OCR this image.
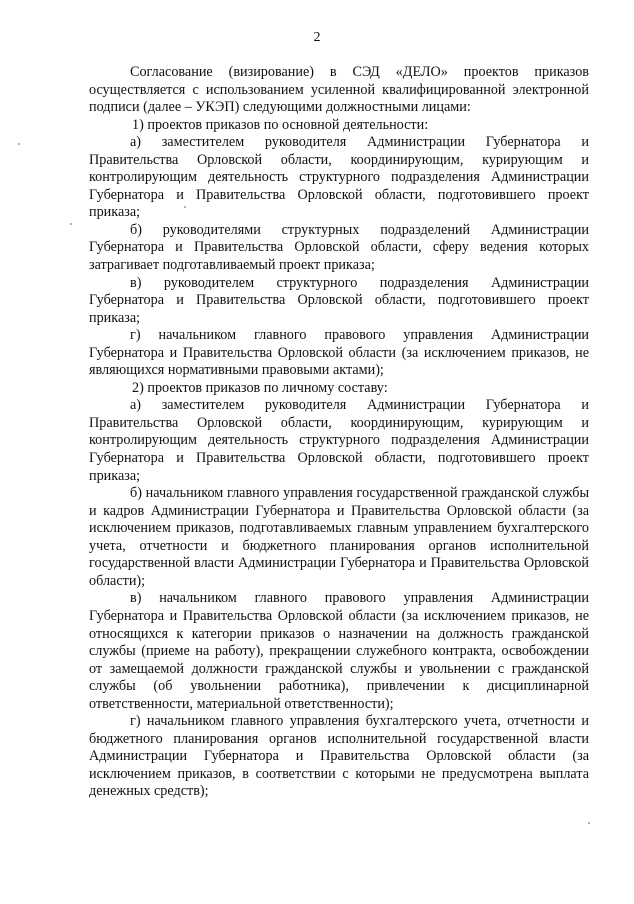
2

Согласование (визирование) в СЭД «ДЕЛО» проектов приказов осуществляется с использованием усиленной квалифицированной электронной подписи (далее – УКЭП) следующими должностными лицами:

1) проектов приказов по основной деятельности:

а) заместителем руководителя Администрации Губернатора и Правительства Орловской области, координирующим, курирующим и контролирующим деятельность структурного подразделения Администрации Губернатора и Правительства Орловской области, подготовившего проект приказа;

б) руководителями структурных подразделений Администрации Губернатора и Правительства Орловской области, сферу ведения которых затрагивает подготавливаемый проект приказа;

в) руководителем структурного подразделения Администрации Губернатора и Правительства Орловской области, подготовившего проект приказа;

г) начальником главного правового управления Администрации Губернатора и Правительства Орловской области (за исключением приказов, не являющихся нормативными правовыми актами);

2) проектов приказов по личному составу:

а) заместителем руководителя Администрации Губернатора и Правительства Орловской области, координирующим, курирующим и контролирующим деятельность структурного подразделения Администрации Губернатора и Правительства Орловской области, подготовившего проект приказа;

б) начальником главного управления государственной гражданской службы и кадров Администрации Губернатора и Правительства Орловской области (за исключением приказов, подготавливаемых главным управлением бухгалтерского учета, отчетности и бюджетного планирования органов исполнительной государственной власти Администрации Губернатора и Правительства Орловской области);

в) начальником главного правового управления Администрации Губернатора и Правительства Орловской области (за исключением приказов, не относящихся к категории приказов о назначении на должность гражданской службы (приеме на работу), прекращении служебного контракта, освобождении от замещаемой должности гражданской службы и увольнении с гражданской службы (об увольнении работника), привлечении к дисциплинарной ответственности, материальной ответственности);

г) начальником главного управления бухгалтерского учета, отчетности и бюджетного планирования органов исполнительной государственной власти Администрации Губернатора и Правительства Орловской области (за исключением приказов, в соответствии с которыми не предусмотрена выплата денежных средств);
